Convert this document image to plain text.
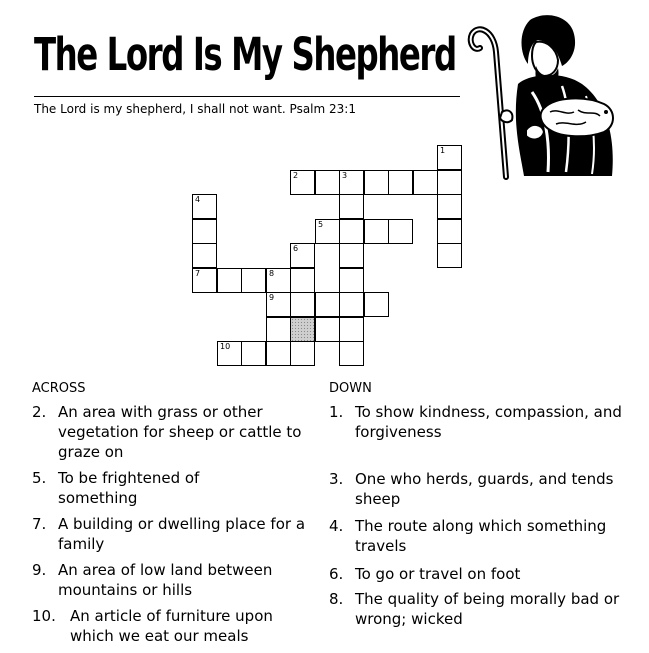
The Lord Is My Shepherd
The Lord is my shepherd, I shall not want. Psalm 23:1
1
2	3
4
5
6
7	8
9
10
ACROSS
2. An area with grass or other vegetation for sheep or cattle to graze on
5. To be frightened of something
7. A building or dwelling place for a family
9. An area of low land between mountains or hills
10. An article of furniture upon which we eat our meals
DOWN
1. To show kindness, compassion, and forgiveness
3. One who herds, guards, and tends sheep
4. The route along which something travels
6. To go or travel on foot
8. The quality of being morally bad or wrong; wicked
